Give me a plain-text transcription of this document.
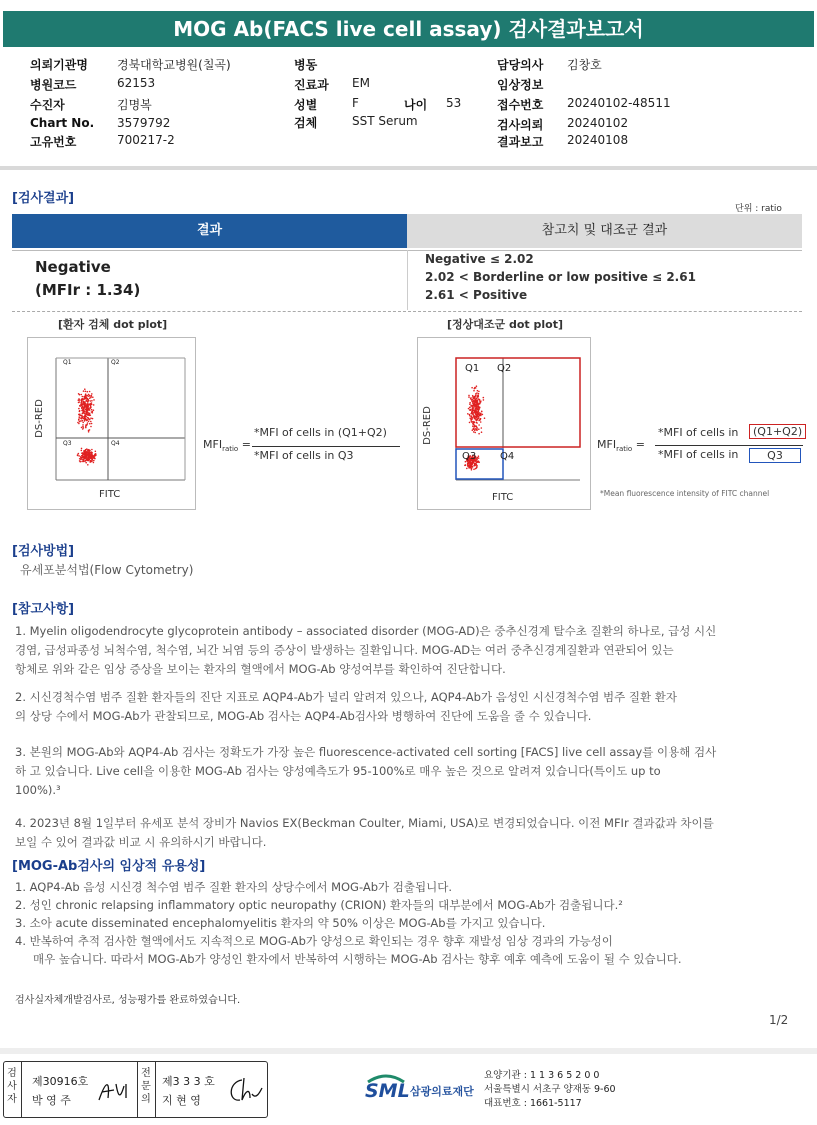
MOG Ab(FACS live cell assay) 검사결과보고서
의뢰기관명 경북대학교병원(칠곡)
병원코드	62153
수진자	김명복
Chart No. 3579792
고유번호	700217-2
병동
진료과 EM
성별	F	나이 53
검체	SST Serum
담당의사 김창호
임상정보
접수번호 20240102-48511
검사의뢰 20240102
결과보고 20240108
[검사결과]
단위 : ratio
결과	참고치 및 대조군 결과
Negative
(MFIr : 1.34)
Negative ≤ 2.02
2.02 < Borderline or low positive ≤ 2.61
2.61 < Positive
[환자 검체 dot plot]	[정상대조군 dot plot]
Q1	Q2
Q3	Q4
DS-RED
FITC
$MFI_{ratio}$ =
*MFI of cells in (Q1+Q2)
*MFI of cells in Q3
Q1 Q2
Q3 Q4
DS-RED
FITC
$MFI_{ratio}$ =
*MFI of cells in	(Q1+Q2)
*MFI of cells in	Q3
*Mean fluorescence intensity of FITC channel
[검사방법]
유세포분석법(Flow Cytometry)
[참고사항]
1. Myelin oligodendrocyte glycoprotein antibody – associated disorder (MOG-AD)은 중추신경계 탈수초 질환의 하나로, 급성 시신
경염, 급성파종성 뇌척수염, 척수염, 뇌간 뇌염 등의 증상이 발생하는 질환입니다. MOG-AD는 여러 중추신경계질환과 연관되어 있는
항체로 위와 같은 임상 증상을 보이는 환자의 혈액에서 MOG-Ab 양성여부를 확인하여 진단합니다.
2. 시신경척수염 범주 질환 환자들의 진단 지표로 AQP4-Ab가 널리 알려져 있으나, AQP4-Ab가 음성인 시신경척수염 범주 질환 환자
의 상당 수에서 MOG-Ab가 관찰되므로, MOG-Ab 검사는 AQP4-Ab검사와 병행하여 진단에 도움을 줄 수 있습니다.
3. 본원의 MOG-Ab와 AQP4-Ab 검사는 정확도가 가장 높은 fluorescence-activated cell sorting [FACS] live cell assay를 이용해 검사
하 고 있습니다. Live cell을 이용한 MOG-Ab 검사는 양성예측도가 95-100%로 매우 높은 것으로 알려져 있습니다(특이도 up to
100%).³
4. 2023년 8월 1일부터 유세포 분석 장비가 Navios EX(Beckman Coulter, Miami, USA)로 변경되었습니다. 이전 MFIr 결과값과 차이를
보일 수 있어 결과값 비교 시 유의하시기 바랍니다.
[MOG-Ab검사의 임상적 유용성]
1. AQP4-Ab 음성 시신경 척수염 범주 질환 환자의 상당수에서 MOG-Ab가 검출됩니다.
2. 성인 chronic relapsing inflammatory optic neuropathy (CRION) 환자들의 대부분에서 MOG-Ab가 검출됩니다.²
3. 소아 acute disseminated encephalomyelitis 환자의 약 50% 이상은 MOG-Ab를 가지고 있습니다.
4. 반복하여 추적 검사한 혈액에서도 지속적으로 MOG-Ab가 양성으로 확인되는 경우 향후 재발성 임상 경과의 가능성이
매우 높습니다. 따라서 MOG-Ab가 양성인 환자에서 반복하여 시행하는 MOG-Ab 검사는 향후 예후 예측에 도움이 될 수 있습니다.
검사실자체개발검사로, 성능평가를 완료하였습니다.
1/2
검
사
자
제30916호
박 영 주
전
문
의
제3 3 3 호
지 현 영	SML 삼광의료재단
요양기관 : 1 1 3 6 5 2 0 0
서울특별시 서초구 양재동 9-60
대표번호 : 1661-5117
